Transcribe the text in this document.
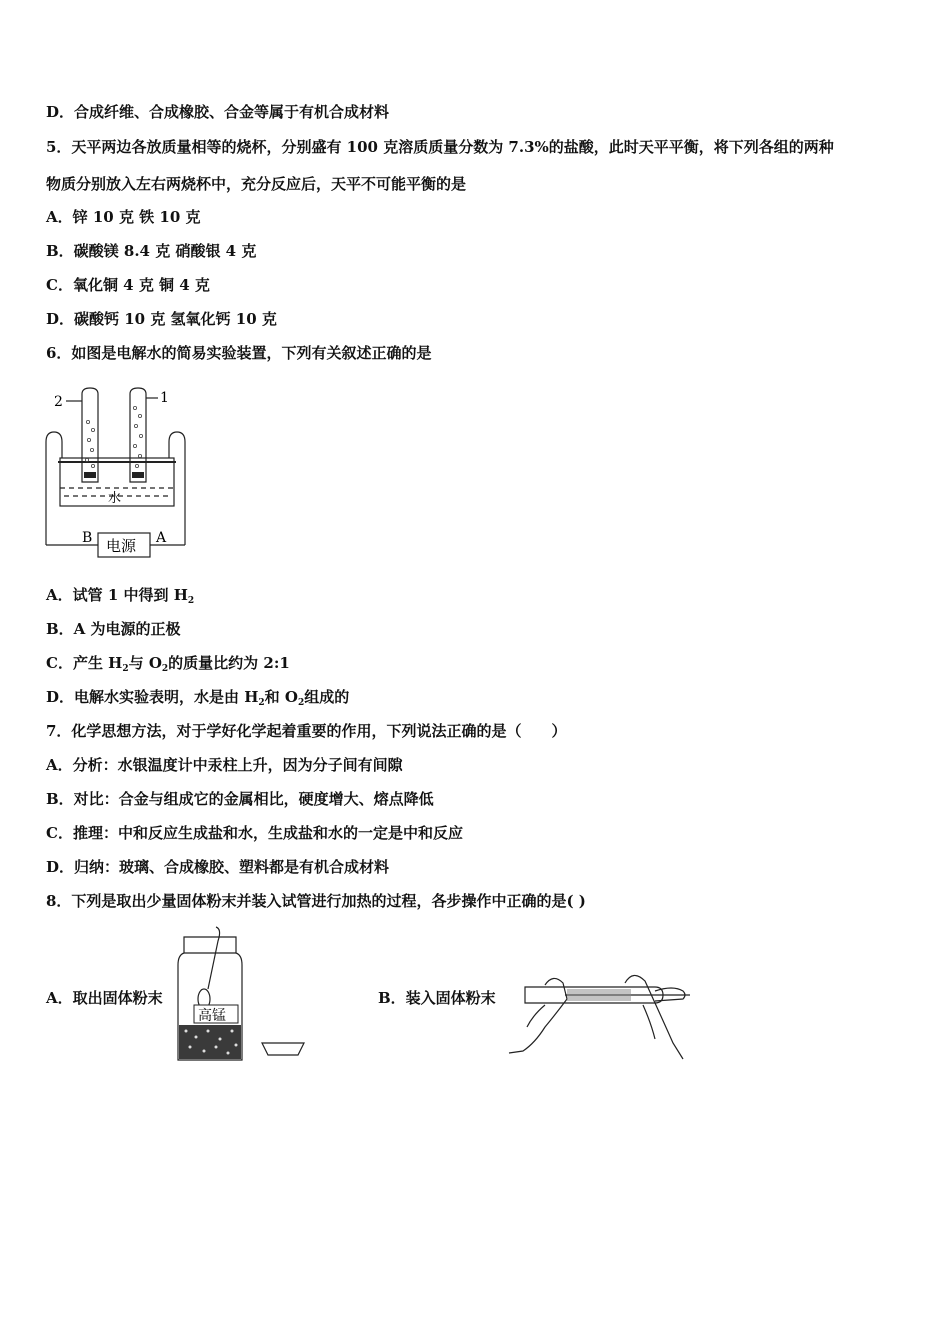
D．合成纤维、合成橡胶、合金等属于有机合成材料
5．天平两边各放质量相等的烧杯，分别盛有 100 克溶质质量分数为 7.3%的盐酸，此时天平平衡，将下列各组的两种
物质分别放入左右两烧杯中，充分反应后，天平不可能平衡的是
A．锌 10 克 铁 10 克
B．碳酸镁 8.4 克 硝酸银 4 克
C．氧化铜 4 克 铜 4 克
D．碳酸钙 10 克 氢氧化钙 10 克
6．如图是电解水的简易实验装置，下列有关叙述正确的是
2	1
水
B	A
电源
A．试管 1 中得到 $H_2$
B．A 为电源的正极
C．产生 $H_2$与 $O_2$的质量比约为 2:1
D．电解水实验表明，水是由 $H_2$和 $O_2$组成的
7．化学思想方法，对于学好化学起着重要的作用，下列说法正确的是（　　）
A．分析：水银温度计中汞柱上升，因为分子间有间隙
B．对比：合金与组成它的金属相比，硬度增大、熔点降低
C．推理：中和反应生成盐和水，生成盐和水的一定是中和反应
D．归纳：玻璃、合成橡胶、塑料都是有机合成材料
8．下列是取出少量固体粉末并装入试管进行加热的过程，各步操作中正确的是( )
A．取出固体粉末
高锰
B．装入固体粉末
